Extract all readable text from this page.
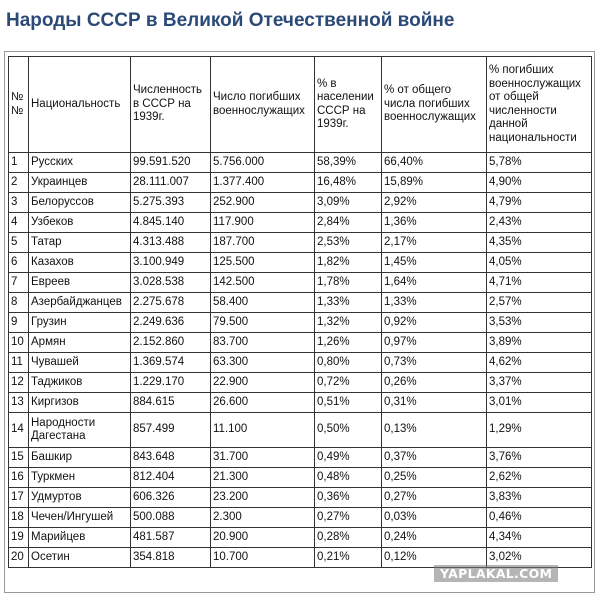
Народы СССР в Великой Отечественной войне
№ №	Национальность	Численность в СССР на 1939г.	Число погибших военнослужащих	% в населении СССР на 1939г.	% от общего числа погибших военнослужащих	% погибших военнослужащих от общей численности данной национальности
1	Русских	99.591.520	5.756.000	58,39%	66,40%	5,78%
2	Украинцев	28.111.007	1.377.400	16,48%	15,89%	4,90%
3	Белоруссов	5.275.393	252.900	3,09%	2,92%	4,79%
4	Узбеков	4.845.140	117.900	2,84%	1,36%	2,43%
5	Татар	4.313.488	187.700	2,53%	2,17%	4,35%
6	Казахов	3.100.949	125.500	1,82%	1,45%	4,05%
7	Евреев	3.028.538	142.500	1,78%	1,64%	4,71%
8	Азербайджанцев	2.275.678	58.400	1,33%	1,33%	2,57%
9	Грузин	2.249.636	79.500	1,32%	0,92%	3,53%
10	Армян	2.152.860	83.700	1,26%	0,97%	3,89%
11	Чувашей	1.369.574	63.300	0,80%	0,73%	4,62%
12	Таджиков	1.229.170	22.900	0,72%	0,26%	3,37%
13	Киргизов	884.615	26.600	0,51%	0,31%	3,01%
14	Народности Дагестана	857.499	11.100	0,50%	0,13%	1,29%
15	Башкир	843.648	31.700	0,49%	0,37%	3,76%
16	Туркмен	812.404	21.300	0,48%	0,25%	2,62%
17	Удмуртов	606.326	23.200	0,36%	0,27%	3,83%
18	Чечен/Ингушей	500.088	2.300	0,27%	0,03%	0,46%
19	Марийцев	481.587	20.900	0,28%	0,24%	4,34%
20	Осетин	354.818	10.700	0,21%	0,12%	3,02%
YAPLAKAL.COM
